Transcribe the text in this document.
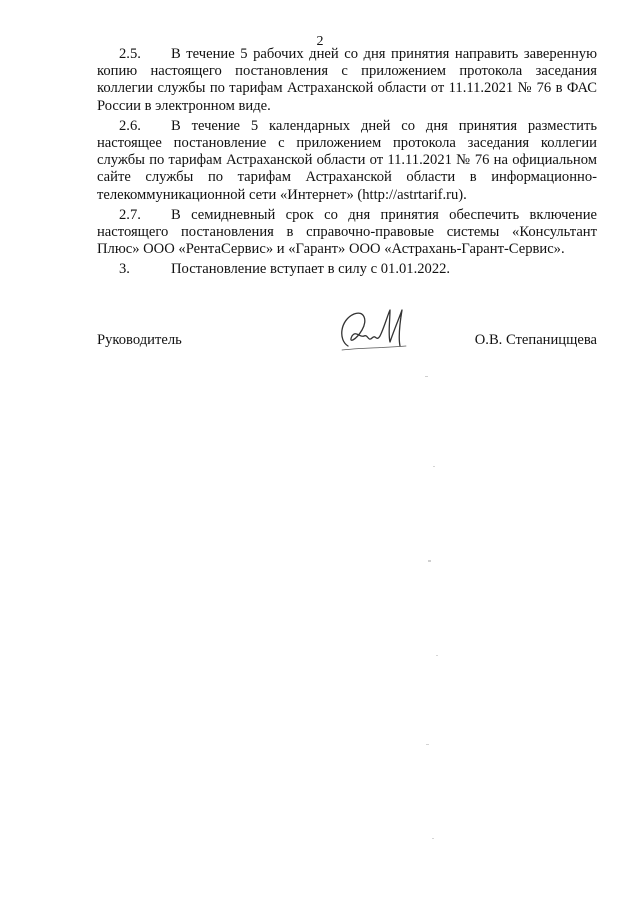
2

2.5. В течение 5 рабочих дней со дня принятия направить заверенную копию настоящего постановления с приложением протокола заседания коллегии службы по тарифам Астраханской области от 11.11.2021 № 76 в ФАС России в электронном виде.

2.6. В течение 5 календарных дней со дня принятия разместить настоящее постановление с приложением протокола заседания коллегии службы по тарифам Астраханской области от 11.11.2021 № 76 на официальном сайте службы по тарифам Астраханской области в информационно-телекоммуникационной сети «Интернет» (http://astrtarif.ru).

2.7. В семидневный срок со дня принятия обеспечить включение настоящего постановления в справочно-правовые системы «Консультант Плюс» ООО «РентаСервис» и «Гарант» ООО «Астрахань-Гарант-Сервис».

3.	Постановление вступает в силу с 01.01.2022.

Руководитель	О.В. Степаницщева
